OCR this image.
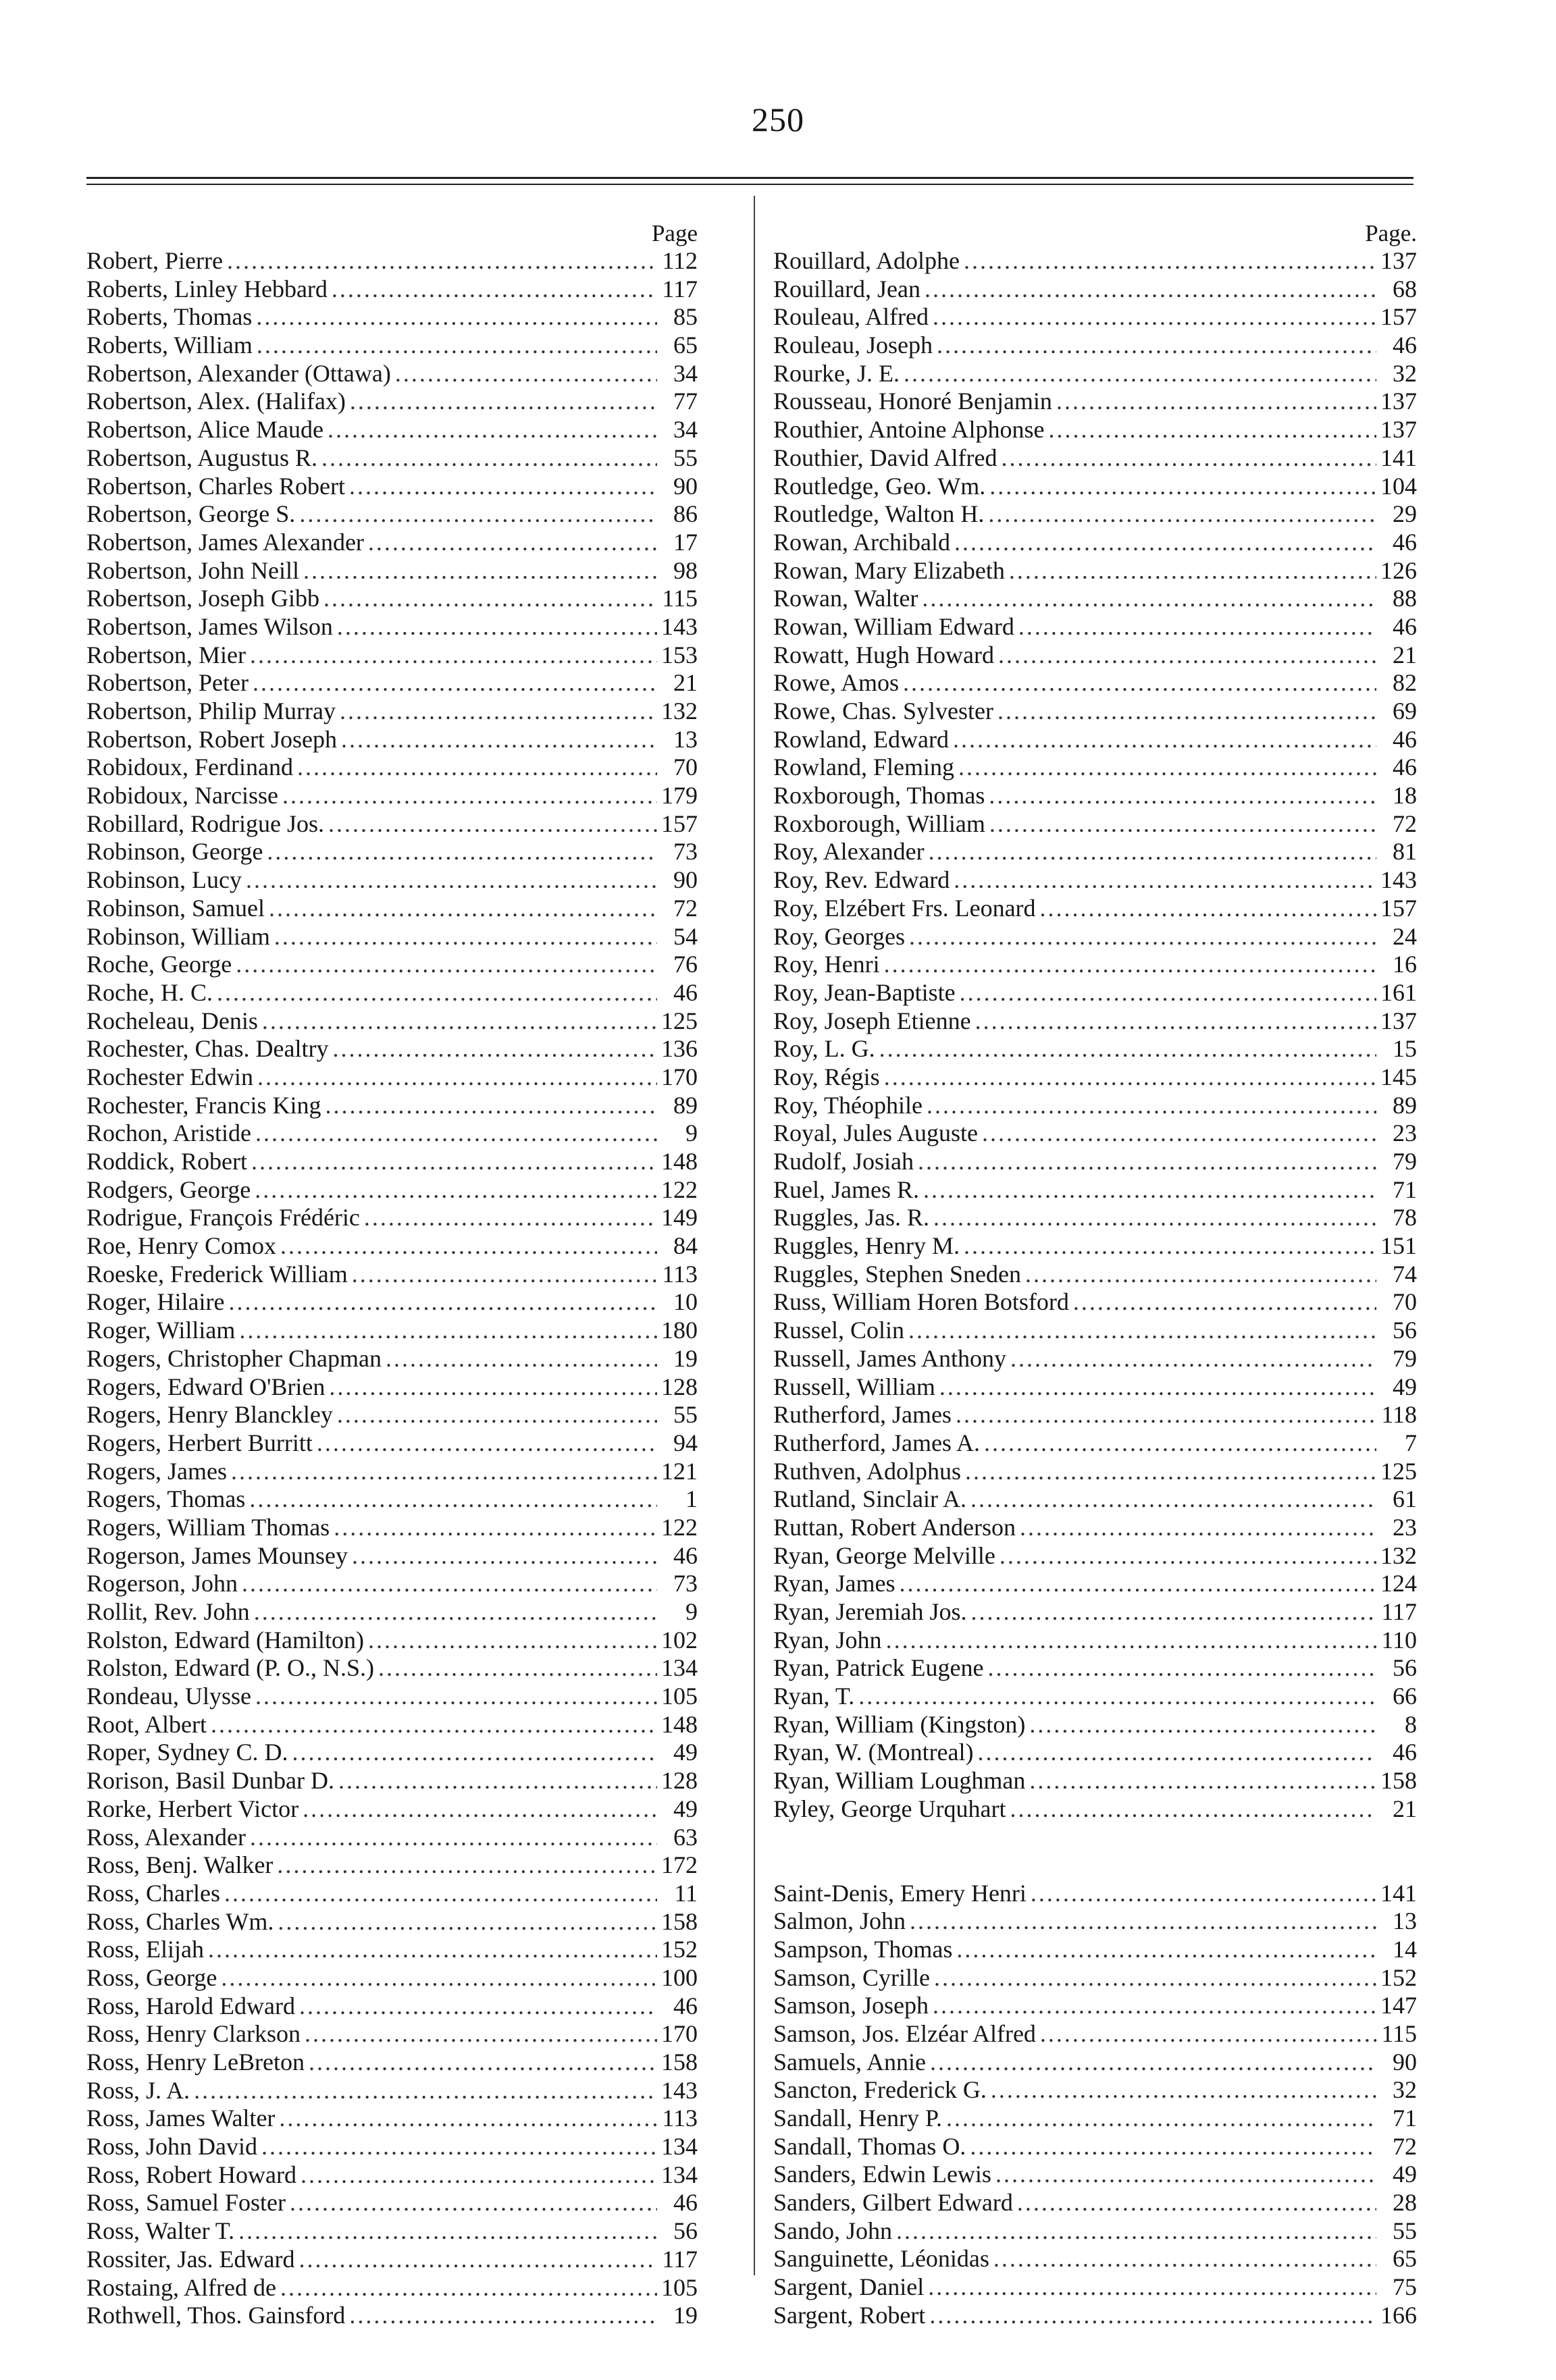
250
Page
Robert, Pierre .....	112
Roberts, Linley Hebbard .....	117
Roberts, Thomas .....	85
Roberts, William .....	65
Robertson, Alexander (Ottawa) .....	34
Robertson, Alex. (Halifax) .....	77
Robertson, Alice Maude .....	34
Robertson, Augustus R. .....	55
Robertson, Charles Robert .....	90
Robertson, George S. .....	86
Robertson, James Alexander .....	17
Robertson, John Neill .....	98
Robertson, Joseph Gibb .....	115
Robertson, James Wilson .....	143
Robertson, Mier .....	153
Robertson, Peter .....	21
Robertson, Philip Murray .....	132
Robertson, Robert Joseph .....	13
Robidoux, Ferdinand .....	70
Robidoux, Narcisse .....	179
Robillard, Rodrigue Jos. .....	157
Robinson, George .....	73
Robinson, Lucy .....	90
Robinson, Samuel .....	72
Robinson, William .....	54
Roche, George .....	76
Roche, H. C. .....	46
Rocheleau, Denis .....	125
Rochester, Chas. Dealtry .....	136
Rochester Edwin .....	170
Rochester, Francis King .....	89
Rochon, Aristide .....	9
Roddick, Robert .....	148
Rodgers, George .....	122
Rodrigue, François Frédéric .....	149
Roe, Henry Comox .....	84
Roeske, Frederick William .....	113
Roger, Hilaire .....	10
Roger, William .....	180
Rogers, Christopher Chapman .....	19
Rogers, Edward O'Brien .....	128
Rogers, Henry Blanckley .....	55
Rogers, Herbert Burritt .....	94
Rogers, James .....	121
Rogers, Thomas .....	1
Rogers, William Thomas .....	122
Rogerson, James Mounsey .....	46
Rogerson, John .....	73
Rollit, Rev. John .....	9
Rolston, Edward (Hamilton) .....	102
Rolston, Edward (P. O., N.S.) .....	134
Rondeau, Ulysse .....	105
Root, Albert .....	148
Roper, Sydney C. D. .....	49
Rorison, Basil Dunbar D. .....	128
Rorke, Herbert Victor .....	49
Ross, Alexander .....	63
Ross, Benj. Walker .....	172
Ross, Charles .....	11
Ross, Charles Wm. .....	158
Ross, Elijah .....	152
Ross, George .....	100
Ross, Harold Edward .....	46
Ross, Henry Clarkson .....	170
Ross, Henry LeBreton .....	158
Ross, J. A. .....	143
Ross, James Walter .....	113
Ross, John David .....	134
Ross, Robert Howard .....	134
Ross, Samuel Foster .....	46
Ross, Walter T. .....	56
Rossiter, Jas. Edward .....	117
Rostaing, Alfred de .....	105
Rothwell, Thos. Gainsford .....	19
Page.
Rouillard, Adolphe .....	137
Rouillard, Jean .....	68
Rouleau, Alfred .....	157
Rouleau, Joseph .....	46
Rourke, J. E. .....	32
Rousseau, Honoré Benjamin .....	137
Routhier, Antoine Alphonse .....	137
Routhier, David Alfred .....	141
Routledge, Geo. Wm. .....	104
Routledge, Walton H. .....	29
Rowan, Archibald .....	46
Rowan, Mary Elizabeth .....	126
Rowan, Walter .....	88
Rowan, William Edward .....	46
Rowatt, Hugh Howard .....	21
Rowe, Amos .....	82
Rowe, Chas. Sylvester .....	69
Rowland, Edward .....	46
Rowland, Fleming .....	46
Roxborough, Thomas .....	18
Roxborough, William .....	72
Roy, Alexander .....	81
Roy, Rev. Edward .....	143
Roy, Elzébert Frs. Leonard .....	157
Roy, Georges .....	24
Roy, Henri .....	16
Roy, Jean-Baptiste .....	161
Roy, Joseph Etienne .....	137
Roy, L. G. .....	15
Roy, Régis .....	145
Roy, Théophile .....	89
Royal, Jules Auguste .....	23
Rudolf, Josiah .....	79
Ruel, James R. .....	71
Ruggles, Jas. R. .....	78
Ruggles, Henry M. .....	151
Ruggles, Stephen Sneden .....	74
Russ, William Horen Botsford .....	70
Russel, Colin .....	56
Russell, James Anthony .....	79
Russell, William .....	49
Rutherford, James .....	118
Rutherford, James A. .....	7
Ruthven, Adolphus .....	125
Rutland, Sinclair A. .....	61
Ruttan, Robert Anderson .....	23
Ryan, George Melville .....	132
Ryan, James .....	124
Ryan, Jeremiah Jos. .....	117
Ryan, John .....	110
Ryan, Patrick Eugene .....	56
Ryan, T. .....	66
Ryan, William (Kingston) .....	8
Ryan, W. (Montreal) .....	46
Ryan, William Loughman .....	158
Ryley, George Urquhart .....	21
Saint-Denis, Emery Henri .....	141
Salmon, John .....	13
Sampson, Thomas .....	14
Samson, Cyrille .....	152
Samson, Joseph .....	147
Samson, Jos. Elzéar Alfred .....	115
Samuels, Annie .....	90
Sancton, Frederick G. .....	32
Sandall, Henry P. .....	71
Sandall, Thomas O. .....	72
Sanders, Edwin Lewis .....	49
Sanders, Gilbert Edward .....	28
Sando, John .....	55
Sanguinette, Léonidas .....	65
Sargent, Daniel .....	75
Sargent, Robert .....	166
